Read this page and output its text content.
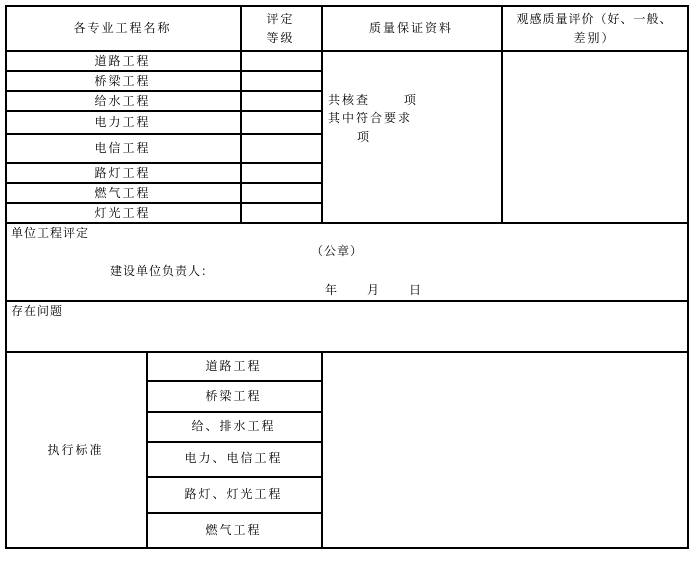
各专业工程名称
评定
等级
质量保证资料
观感质量评价（好、一般、
差别）
道路工程
桥梁工程
给水工程
电力工程
电信工程
路灯工程
燃气工程
灯光工程
共核查　　 项
其中符合要求
项
单位工程评定
（公章）
建设单位负责人：
年 月 日
存在问题
执行标准
道路工程
桥梁工程
给、排水工程
电力、电信工程
路灯、灯光工程
燃气工程
